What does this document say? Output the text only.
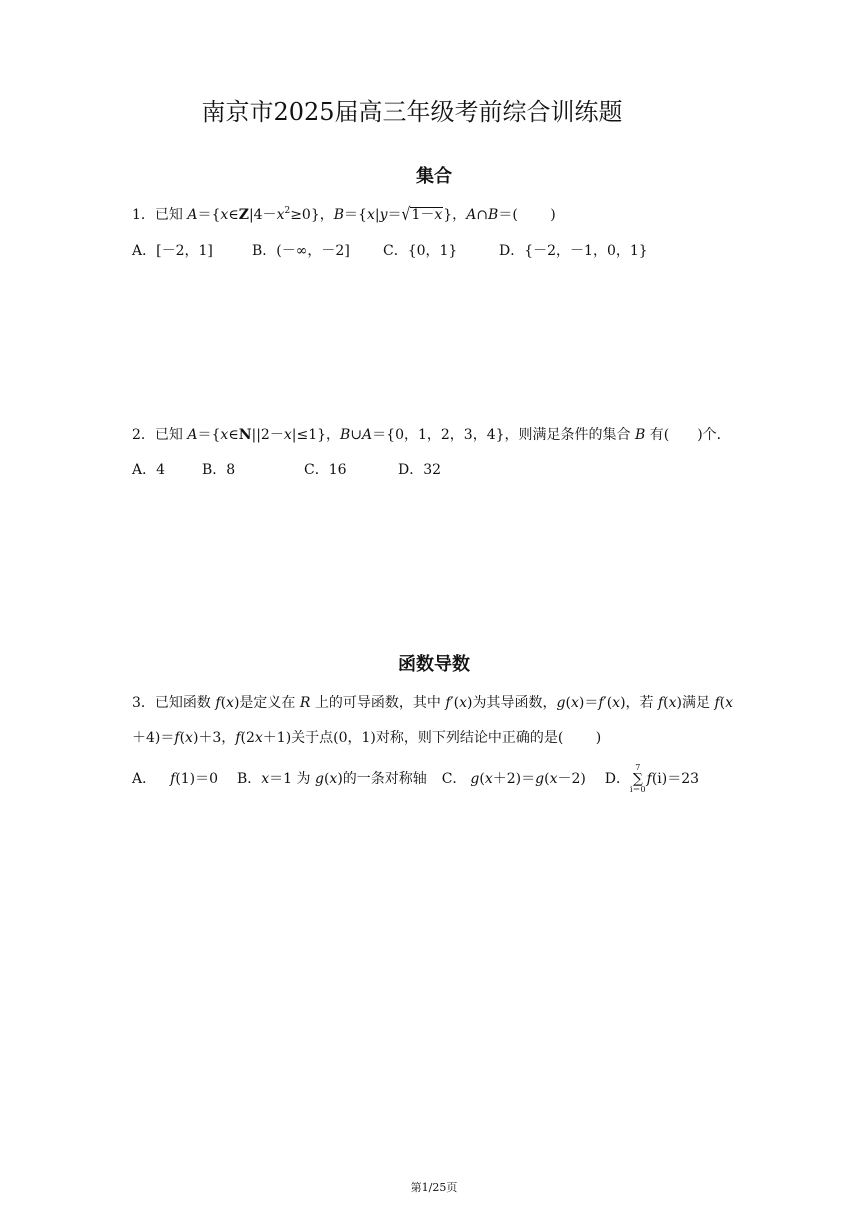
南京市2025届高三年级考前综合训练题
集合
1．已知 $A=\{x\in Z|4-x^2\ge 0\}$，B＝{x|y＝√1－x}，A∩B＝(　　 )
A．[－2，1]	B．(－∞，－2] C．{0，1}	D．{－2，－1，0，1}
2．已知 A＝{x∈N||2－x|≤1}，B∪A＝{0，1，2，3，4}，则满足条件的集合 B 有(　　)个．
A．4	B．8	C．16	D．32
函数导数
3．已知函数 f(x)是定义在 R 上的可导函数，其中 f′(x)为其导函数，g(x)＝f′(x)，若 f(x)满足 f(x
＋4)＝f(x)＋3，f(2x＋1)关于点(0，1)对称，则下列结论中正确的是(　　 )
A． f(1)＝0 B．x＝1 为 g(x)的一条对称轴 C． g(x＋2)＝g(x－2) D．
7
∑
i＝0
f(i)＝23
第1/25页
